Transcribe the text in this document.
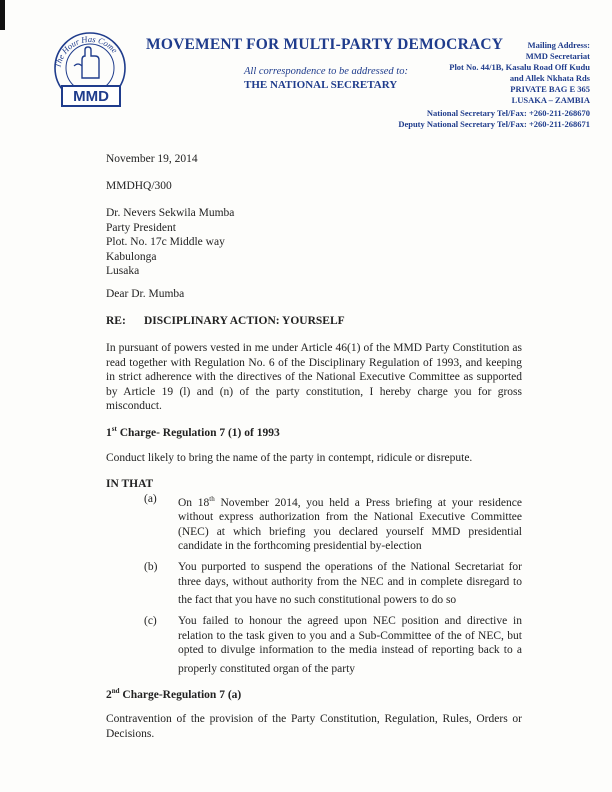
The Hour Has Come
MMD
MOVEMENT FOR MULTI-PARTY DEMOCRACY
All correspondence to be addressed to:
THE NATIONAL SECRETARY
Mailing Address:
MMD Secretariat
Plot No. 44/1B, Kasalu Road Off Kudu
and Allek Nkhata Rds
PRIVATE BAG E 365
LUSAKA – ZAMBIA
National Secretary Tel/Fax: +260-211-268670
Deputy National Secretary Tel/Fax: +260-211-268671
November 19, 2014
MMDHQ/300
Dr. Nevers Sekwila Mumba
Party President
Plot. No. 17c Middle way
Kabulonga
Lusaka
Dear Dr. Mumba
RE: DISCIPLINARY ACTION: YOURSELF
In pursuant of powers vested in me under Article 46(1) of the MMD Party Constitution as read together with Regulation No. 6 of the Disciplinary Regulation of 1993, and keeping in strict adherence with the directives of the National Executive Committee as supported by Article 19 (l) and (n) of the party constitution, I hereby charge you for gross misconduct.
1st Charge- Regulation 7 (1) of 1993
Conduct likely to bring the name of the party in contempt, ridicule or disrepute.
IN THAT
(a) On 18th November 2014, you held a Press briefing at your residence without express authorization from the National Executive Committee (NEC) at which briefing you declared yourself MMD presidential candidate in the forthcoming presidential by-election
(b) You purported to suspend the operations of the National Secretariat for three days, without authority from the NEC and in complete disregard to the fact that you have no such constitutional powers to do so
(c) You failed to honour the agreed upon NEC position and directive in relation to the task given to you and a Sub-Committee of the of NEC, but opted to divulge information to the media instead of reporting back to a properly constituted organ of the party
2nd Charge-Regulation 7 (a)
Contravention of the provision of the Party Constitution, Regulation, Rules, Orders or Decisions.
